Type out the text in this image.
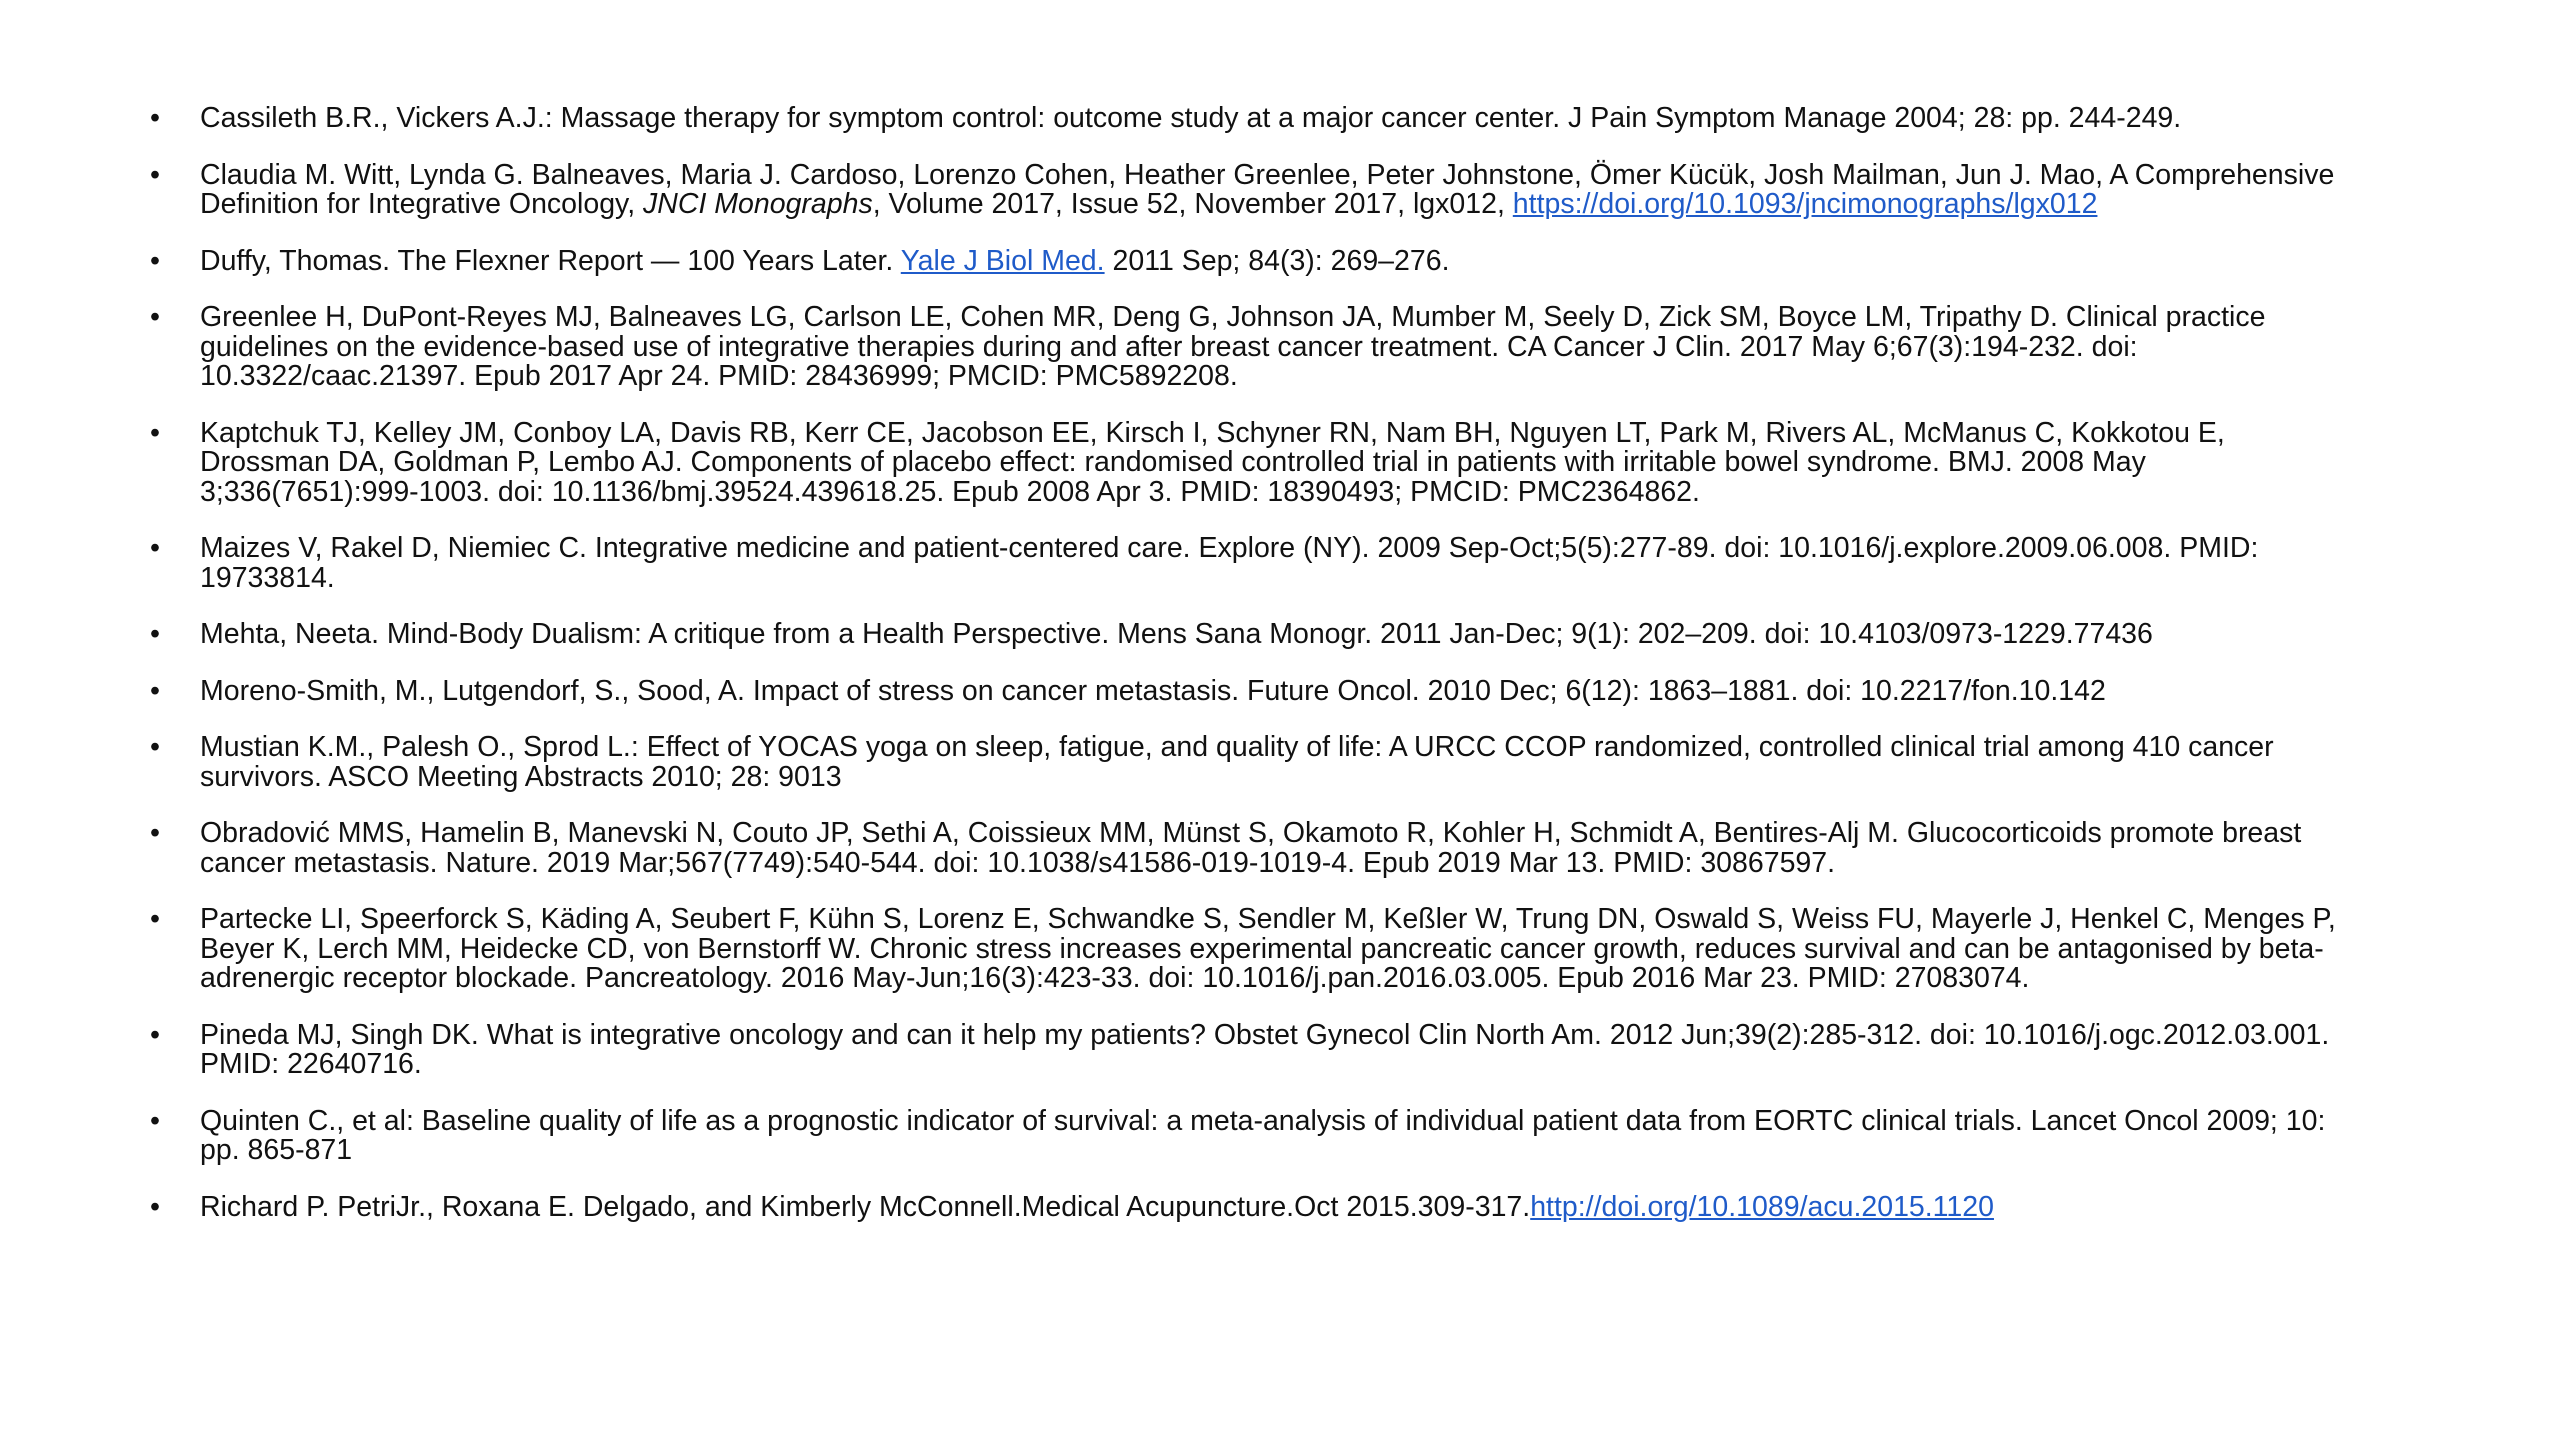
•	Cassileth B.R., Vickers A.J.: Massage therapy for symptom control: outcome study at a major cancer center. J Pain Symptom Manage 2004; 28: pp. 244-249.
•	Claudia M. Witt, Lynda G. Balneaves, Maria J. Cardoso, Lorenzo Cohen, Heather Greenlee, Peter Johnstone, Ömer Kücük, Josh Mailman, Jun J. Mao, A Comprehensive Definition for Integrative Oncology, JNCI Monographs, Volume 2017, Issue 52, November 2017, lgx012, https://doi.org/10.1093/jncimonographs/lgx012
•	Duffy, Thomas. The Flexner Report — 100 Years Later. Yale J Biol Med. 2011 Sep; 84(3): 269–276.
•	Greenlee H, DuPont-Reyes MJ, Balneaves LG, Carlson LE, Cohen MR, Deng G, Johnson JA, Mumber M, Seely D, Zick SM, Boyce LM, Tripathy D. Clinical practice guidelines on the evidence-based use of integrative therapies during and after breast cancer treatment. CA Cancer J Clin. 2017 May 6;67(3):194-232. doi: 10.3322/caac.21397. Epub 2017 Apr 24. PMID: 28436999; PMCID: PMC5892208.
•	Kaptchuk TJ, Kelley JM, Conboy LA, Davis RB, Kerr CE, Jacobson EE, Kirsch I, Schyner RN, Nam BH, Nguyen LT, Park M, Rivers AL, McManus C, Kokkotou E, Drossman DA, Goldman P, Lembo AJ. Components of placebo effect: randomised controlled trial in patients with irritable bowel syndrome. BMJ. 2008 May 3;336(7651):999-1003. doi: 10.1136/bmj.39524.439618.25. Epub 2008 Apr 3. PMID: 18390493; PMCID: PMC2364862.
•	Maizes V, Rakel D, Niemiec C. Integrative medicine and patient-centered care. Explore (NY). 2009 Sep-Oct;5(5):277-89. doi: 10.1016/j.explore.2009.06.008. PMID: 19733814.
•	Mehta, Neeta. Mind-Body Dualism: A critique from a Health Perspective. Mens Sana Monogr. 2011 Jan-Dec; 9(1): 202–209. doi: 10.4103/0973-1229.77436
•	Moreno-Smith, M., Lutgendorf, S., Sood, A. Impact of stress on cancer metastasis. Future Oncol. 2010 Dec; 6(12): 1863–1881. doi: 10.2217/fon.10.142
•	Mustian K.M., Palesh O., Sprod L.: Effect of YOCAS yoga on sleep, fatigue, and quality of life: A URCC CCOP randomized, controlled clinical trial among 410 cancer survivors. ASCO Meeting Abstracts 2010; 28: 9013
•	Obradović MMS, Hamelin B, Manevski N, Couto JP, Sethi A, Coissieux MM, Münst S, Okamoto R, Kohler H, Schmidt A, Bentires-Alj M. Glucocorticoids promote breast cancer metastasis. Nature. 2019 Mar;567(7749):540-544. doi: 10.1038/s41586-019-1019-4. Epub 2019 Mar 13. PMID: 30867597.
•	Partecke LI, Speerforck S, Käding A, Seubert F, Kühn S, Lorenz E, Schwandke S, Sendler M, Keßler W, Trung DN, Oswald S, Weiss FU, Mayerle J, Henkel C, Menges P, Beyer K, Lerch MM, Heidecke CD, von Bernstorff W. Chronic stress increases experimental pancreatic cancer growth, reduces survival and can be antagonised by beta-adrenergic receptor blockade. Pancreatology. 2016 May-Jun;16(3):423-33. doi: 10.1016/j.pan.2016.03.005. Epub 2016 Mar 23. PMID: 27083074.
•	Pineda MJ, Singh DK. What is integrative oncology and can it help my patients? Obstet Gynecol Clin North Am. 2012 Jun;39(2):285-312. doi: 10.1016/j.ogc.2012.03.001. PMID: 22640716.
•	Quinten C., et al: Baseline quality of life as a prognostic indicator of survival: a meta-analysis of individual patient data from EORTC clinical trials. Lancet Oncol 2009; 10: pp. 865-871
•	Richard P. PetriJr., Roxana E. Delgado, and Kimberly McConnell.Medical Acupuncture.Oct 2015.309-317.http://doi.org/10.1089/acu.2015.1120
